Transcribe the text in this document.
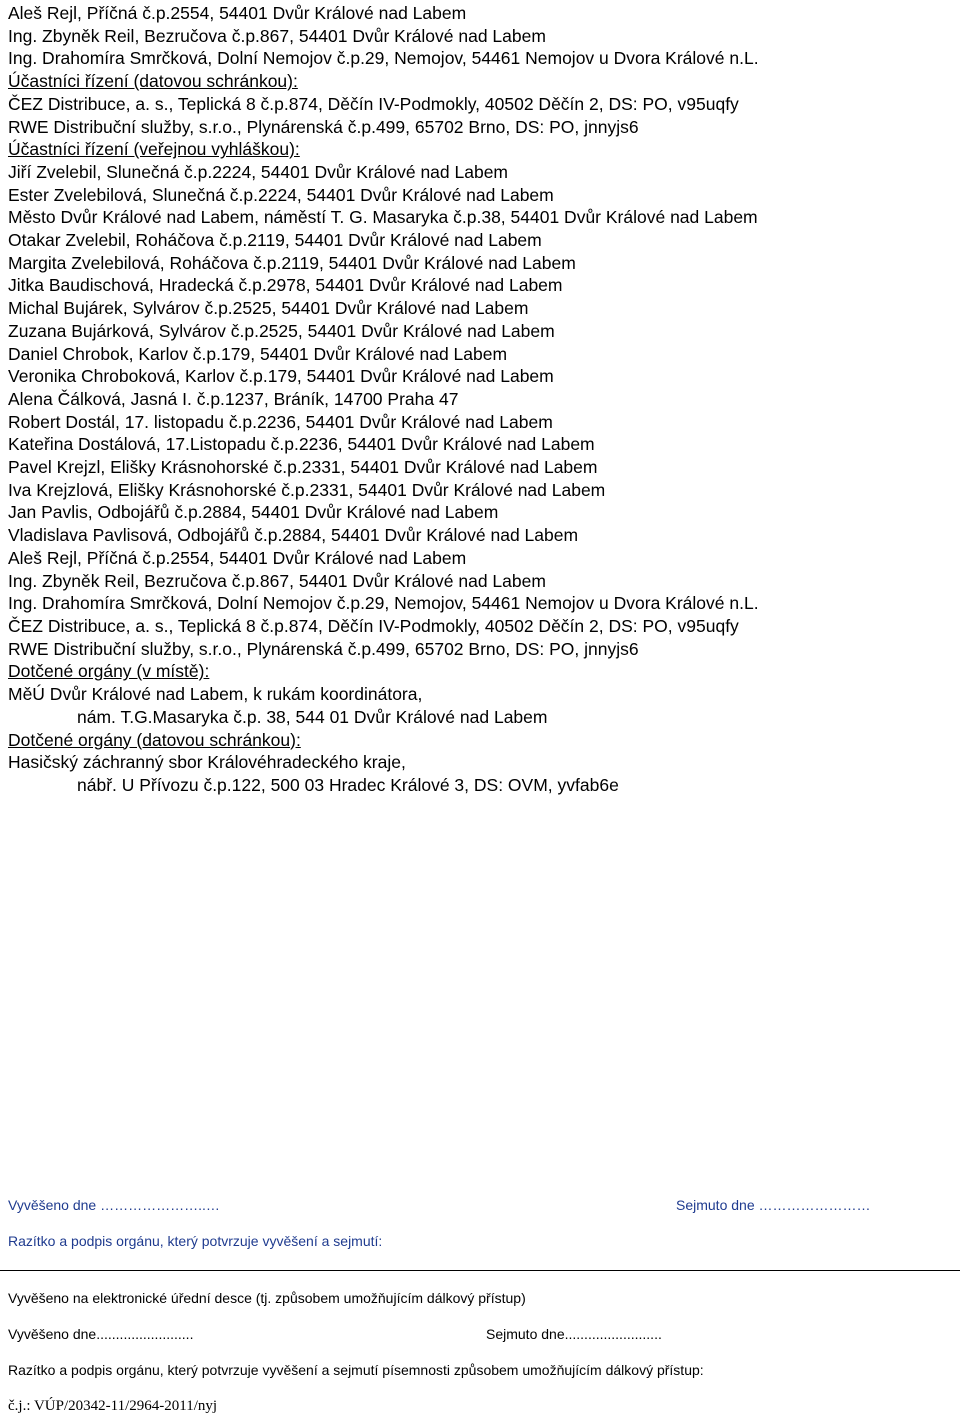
Aleš Rejl, Příčná č.p.2554, 54401 Dvůr Králové nad Labem
Ing. Zbyněk Reil, Bezručova č.p.867, 54401 Dvůr Králové nad Labem
Ing. Drahomíra Smrčková, Dolní Nemojov č.p.29, Nemojov, 54461 Nemojov u Dvora Králové n.L.
Účastníci řízení (datovou schránkou):
ČEZ Distribuce, a. s., Teplická 8 č.p.874, Děčín IV-Podmokly, 40502 Děčín 2, DS: PO, v95uqfy
RWE Distribuční služby, s.r.o., Plynárenská č.p.499, 65702 Brno, DS: PO, jnnyjs6
Účastníci řízení (veřejnou vyhláškou):
Jiří Zvelebil, Slunečná č.p.2224, 54401 Dvůr Králové nad Labem
Ester Zvelebilová, Slunečná č.p.2224, 54401 Dvůr Králové nad Labem
Město Dvůr Králové nad Labem, náměstí T. G. Masaryka č.p.38, 54401 Dvůr Králové nad Labem
Otakar Zvelebil, Roháčova č.p.2119, 54401 Dvůr Králové nad Labem
Margita Zvelebilová, Roháčova č.p.2119, 54401 Dvůr Králové nad Labem
Jitka Baudischová, Hradecká č.p.2978, 54401 Dvůr Králové nad Labem
Michal Bujárek, Sylvárov č.p.2525, 54401 Dvůr Králové nad Labem
Zuzana Bujárková, Sylvárov č.p.2525, 54401 Dvůr Králové nad Labem
Daniel Chrobok, Karlov č.p.179, 54401 Dvůr Králové nad Labem
Veronika Chroboková, Karlov č.p.179, 54401 Dvůr Králové nad Labem
Alena Čálková, Jasná I. č.p.1237, Bráník, 14700 Praha 47
Robert Dostál, 17. listopadu č.p.2236, 54401 Dvůr Králové nad Labem
Kateřina Dostálová, 17.Listopadu č.p.2236, 54401 Dvůr Králové nad Labem
Pavel Krejzl, Elišky Krásnohorské č.p.2331, 54401 Dvůr Králové nad Labem
Iva Krejzlová, Elišky Krásnohorské č.p.2331, 54401 Dvůr Králové nad Labem
Jan Pavlis, Odbojářů č.p.2884, 54401 Dvůr Králové nad Labem
Vladislava Pavlisová, Odbojářů č.p.2884, 54401 Dvůr Králové nad Labem
Aleš Rejl, Příčná č.p.2554, 54401 Dvůr Králové nad Labem
Ing. Zbyněk Reil, Bezručova č.p.867, 54401 Dvůr Králové nad Labem
Ing. Drahomíra Smrčková, Dolní Nemojov č.p.29, Nemojov, 54461 Nemojov u Dvora Králové n.L.
ČEZ Distribuce, a. s., Teplická 8 č.p.874, Děčín IV-Podmokly, 40502 Děčín 2, DS: PO, v95uqfy
RWE Distribuční služby, s.r.o., Plynárenská č.p.499, 65702 Brno, DS: PO, jnnyjs6
Dotčené orgány (v místě):
MěÚ Dvůr Králové nad Labem, k rukám koordinátora,
nám. T.G.Masaryka č.p. 38, 544 01 Dvůr Králové nad Labem
Dotčené orgány (datovou schránkou):
Hasičský záchranný sbor Královéhradeckého kraje,
nábř. U Přívozu č.p.122, 500 03 Hradec Králové 3, DS: OVM, yvfab6e
Vyvěšeno dne …………………..…	Sejmuto dne ……………………
Razítko a podpis orgánu, který potvrzuje vyvěšení a sejmutí:
Vyvěšeno na elektronické úřední desce (tj. způsobem umožňujícím dálkový přístup)
Vyvěšeno dne.........................	Sejmuto dne.........................
Razítko a podpis orgánu, který potvrzuje vyvěšení a sejmutí písemnosti způsobem umožňujícím dálkový přístup:
č.j.: VÚP/20342-11/2964-2011/nyj
